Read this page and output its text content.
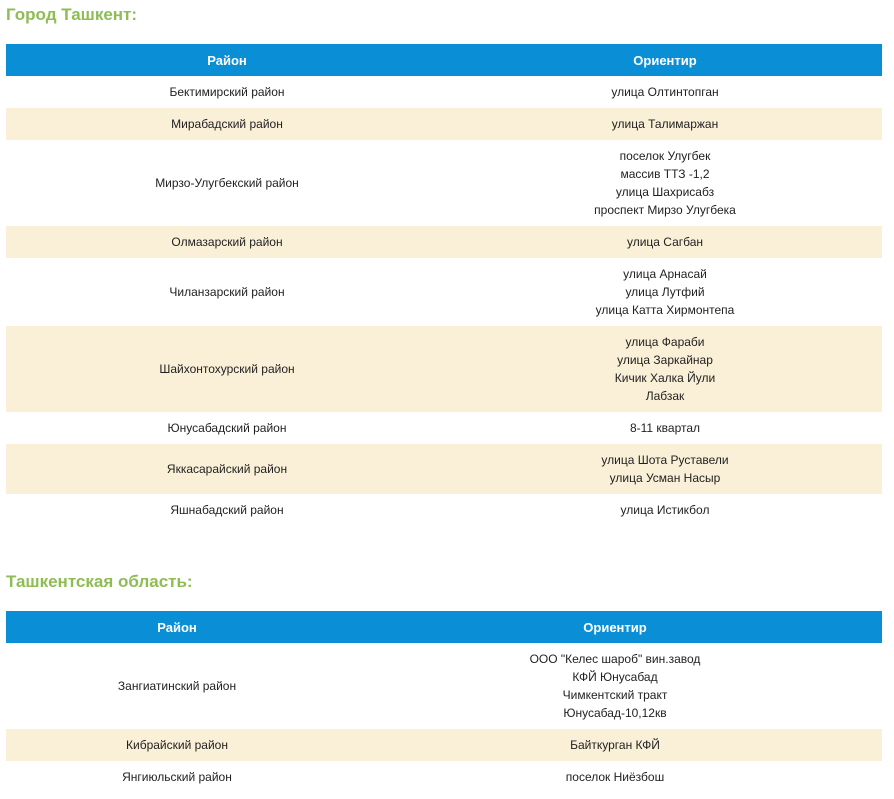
Город Ташкент:
Район	Ориентир
Бектимирский район	улица Олтинтопган

Мирабадский район	улица Талимаржан

Мирзо-Улугбекский район	поселок Улугбек
массив ТТЗ -1,2
улица Шахрисабз
проспект Мирзо Улугбека

Олмазарский район	улица Сагбан

Чиланзарский район	улица Арнасай
улица Лутфий
улица Катта Хирмонтепа

Шайхонтохурский район	улица Фараби
улица Заркайнар
Кичик Халка Йули
Лабзак

Юнусабадский район	8-11 квартал

Яккасарайский район	улица Шота Руставели
улица Усман Насыр

Яшнабадский район	улица Истикбол
Ташкентская область:
Район	Ориентир
Зангиатинский район	ООО "Келес шароб" вин.завод
КФЙ Юнусабад
Чимкентский тракт
Юнусабад-10,12кв

Кибрайский район	Байткурган КФЙ

Янгиюльский район	поселок Ниёзбош
